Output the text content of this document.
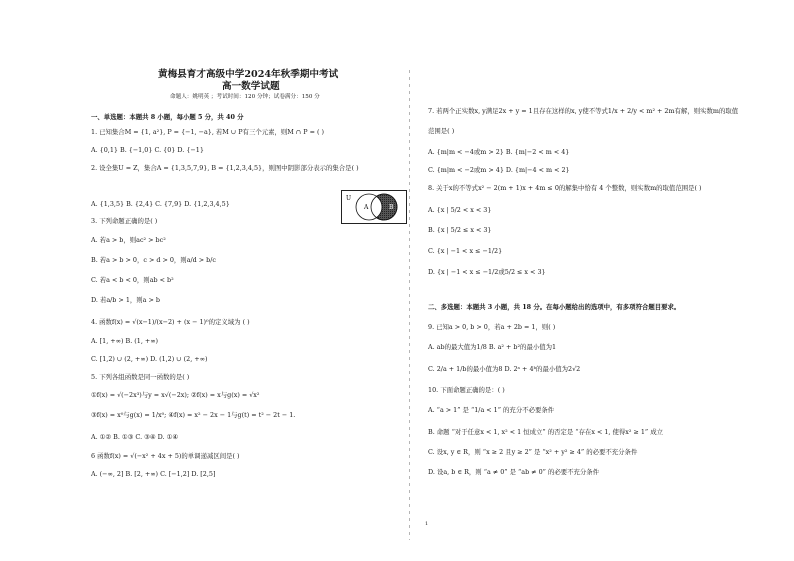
黄梅县育才高级中学2024年秋季期中考试
高一数学试题
命题人：姚明英 ；考试时间：120 分钟；试卷满分：150 分
一、单选题：本题共 8 小题，每小题 5 分，共 40 分
1. 已知集合M = {1, a²}, P = {−1, −a}, 若M ∪ P有三个元素，则M ∩ P = ( )
A. {0,1} B. {−1,0} C. {0} D. {−1}
2. 设全集U = Z，集合A = {1,3,5,7,9}, B = {1,2,3,4,5}，则图中阴影部分表示的集合是( )
A. {1,3,5} B. {2,4} C. {7,9} D. {1,2,3,4,5}
3. 下列命题正确的是( )
A. 若a > b，则ac² > bc²
B. 若a > b > 0，c > d > 0，则a/d > b/c
C. 若a < b < 0，则ab < b²
D. 若a/b > 1，则a > b
4. 函数f(x) = √(x−1)/(x−2) + (x − 1)⁰的定义域为 ( )
A. [1, +∞) B. (1, +∞)
C. [1,2) ∪ (2, +∞) D. (1,2) ∪ (2, +∞)
5. 下列各组函数是同一函数的是( )
①f(x) = √(−2x³)与y = x√(−2x); ②f(x) = x与g(x) = √x²
③f(x) = x⁰与g(x) = 1/x⁰; ④f(x) = x² − 2x − 1与g(t) = t² − 2t − 1.
A. ①② B. ①③ C. ③④ D. ①④
6 函数f(x) = √(−x² + 4x + 5)的单调递减区间是( )
A. (−∞, 2] B. [2, +∞) C. [−1,2] D. [2,5]
U
A	B
7. 若两个正实数x, y满足2x + y = 1且存在这样的x, y使不等式1/x + 2/y < m² + 2m有解，则实数m的取值
范围是( )
A. {m|m < −4或m > 2} B. {m|−2 < m < 4}
C. {m|m < −2或m > 4} D. {m|−4 < m < 2}
8. 关于x的不等式x² − 2(m + 1)x + 4m ≤ 0的解集中恰有 4 个整数，则实数m的取值范围是( )
A. {x | 5/2 < x < 3}
B. {x | 5/2 ≤ x < 3}
C. {x | −1 < x ≤ −1/2}
D. {x | −1 < x ≤ −1/2或5/2 ≤ x < 3}
二、多选题：本题共 3 小题，共 18 分。在每小题给出的选项中，有多项符合题目要求。
9. 已知a > 0, b > 0，若a + 2b = 1，则( )
A. ab的最大值为1/8 B. a² + b²的最小值为1
C. 2/a + 1/b的最小值为8 D. 2ᵃ + 4ᵇ的最小值为2√2
10. 下面命题正确的是：( )
A. “a > 1” 是 “1/a < 1” 的充分不必要条件
B. 命题 “对于任意x < 1, x² < 1 恒成立” 的否定是 “存在x < 1, 使得x² ≥ 1” 成立
C. 设x, y ∈ R，则 “x ≥ 2 且y ≥ 2” 是 “x² + y² ≥ 4” 的必要不充分条件
D. 设a, b ∈ R，则 “a ≠ 0” 是 “ab ≠ 0” 的必要不充分条件
1
